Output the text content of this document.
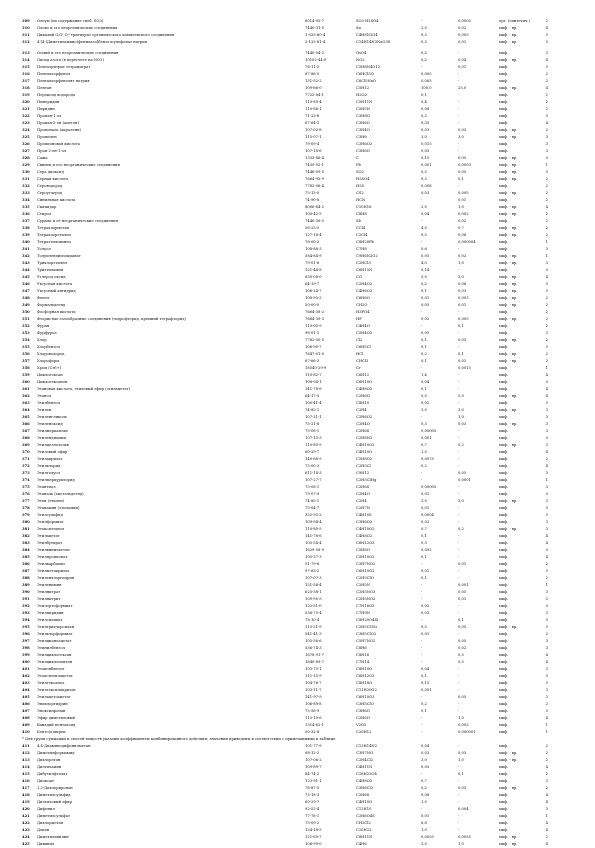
309	Олеум (на содержание своб. SO3)	8014-95-7	SO3·H2SO4	-	0,0005	орг. (синтетич.)	2
310	Олово и его неорганические соединения	7440-31-5	Sn	2,0	0,02	мкф. - вр.	4
311	Дикалий O,O',O''-тригидрат органического комплексного соединения	1-025-60-4	C4H8N2O4	0,3	0,005	мкф. - вр.	3
312	4-[4-(Диметиламино)фенилазо]бензолсульфонат натрия	2-125-81-4	C14H14N3NaO3S	0,5	0,01	мкф. - вр.	3
313	Осмий и его неорганические соединения	7440-04-2	OsO4	0,5	-	мкф.	3
314	Оксид азота (в пересчете на NO2)	10102-44-0	NO2	0,2	0,04	мкф. - вр.	4
315	Пентаэритрит тетранитрат	78-11-5	C5H8N4O12	-	0,01	мкф.	3
316	Пентахлорфенол	87-86-5	C6HCl5O	0,005	-	мкф.	2
317	Пентахлорфенолят натрия	131-52-2	C6Cl5NaO	0,005	-	мкф.	2
318	Пентан	109-66-0	C5H12	100,0	25,0	мкф. - вр.	4
319	Пероксид водорода	7722-84-1	H2O2	0,1	-	мкф.	2
320	Пиперидин	110-89-4	C5H11N	0,4	-	мкф.	2
321	Пиридин	110-86-1	C5H5N	0,08	-	мкф.	2
322	Пропан-1-ол	71-23-8	C3H8O	0,3	-	мкф.	3
323	Пропан-2-он (ацетон)	67-64-1	C3H6O	0,35	-	мкф.	4
324	Пропеналь (акролеин)	107-02-8	C3H4O	0,03	0,03	мкф. - вр.	2
325	Пропилен	115-07-1	C3H6	3,0	3,0	мкф. - вр.	3
326	Пропионовая кислота	79-09-4	C3H6O2	0,015	-	мкф.	3
327	Проп-2-ен-1-ол	107-18-6	C3H6O	0,05	-	мкф.	3
328	Сажа	1333-86-4	C	0,15	0,05	мкф. - вр.	3
329	Свинец и его неорганические соединения	7439-92-1	Pb	0,001	0,0003	мкф. - вр.	1
330	Сера диоксид	7446-09-5	SO2	0,5	0,05	мкф. - вр.	3
331	Серная кислота	7664-93-9	H2SO4	0,3	0,1	мкф. - вр.	2
332	Сероводород	7783-06-4	H2S	0,008	-	мкф.	2
333	Сероуглерод	75-15-0	CS2	0,03	0,005	мкф. - вр.	2
334	Синильная кислота	74-90-8	HCN	-	0,01	мкф.	2
335	Скипидар	8006-64-2	C10H16	2,0	1,0	мкф. - вр.	4
336	Стирол	100-42-5	C8H8	0,04	0,002	мкф. - вр.	2
337	Сурьма и её неорганические соединения	7440-36-0	Sb	-	0,02	мкф.	2
338	Тетрахлорметан	56-23-5	CCl4	4,0	0,7	мкф. - вр.	2
339	Тетрахлорэтилен	127-18-4	C2Cl4	0,5	0,06	мкф. - вр.	2
340	Тетраэтилсвинец	78-00-2	C8H20Pb	-	0,000004	мкф.	1
341	Толуол	108-88-3	C7H8	0,6	-	мкф.	3
342	Толуилендиизоцианат	584-84-9	C9H6N2O2	0,05	0,02	мкф. - вр.	1
343	Трихлорэтилен	79-01-6	C2HCl3	4,0	1,0	мкф. - вр.	3
344	Триэтиламин	121-44-8	C6H15N	0,14	-	мкф.	3
345	Углерод оксид	630-08-0	CO	5,0	3,0	мкф. - вр.	4
346	Уксусная кислота	64-19-7	C2H4O2	0,2	0,06	мкф. - вр.	3
347	Уксусный ангидрид	108-24-7	C4H6O3	0,1	0,03	мкф. - вр.	3
348	Фенол	108-95-2	C6H6O	0,01	0,003	мкф. - вр.	2
349	Формальдегид	50-00-0	CH2O	0,05	0,01	мкф. - вр.	2
350	Фосфорная кислота	7664-38-2	H3PO4	-	-	мкф.	2
351	Фтористые газообразные соединения (гидрофторид, кремний тетрафторид)	7664-39-3	HF	0,02	0,005	мкф. - вр.	2
352	Фуран	110-00-9	C4H4O	-	0,1	мкф.	2
353	Фурфурол	98-01-1	C5H4O2	0,05	-	мкф.	3
354	Хлор	7782-50-5	Cl2	0,1	0,03	мкф. - вр.	2
355	Хлорбензол	108-90-7	C6H5Cl	0,1	-	мкф.	3
356	Хлороводород	7647-01-0	HCl	0,2	0,1	мкф. - вр.	2
357	Хлороформ	67-66-3	CHCl3	0,1	0,03	мкф. - вр.	2
358	Хром (Cr6+)	18540-29-9	Cr	-	0,0015	мкф.	1
359	Циклогексан	110-82-7	C6H12	1,4	-	мкф.	4
360	Циклогексанон	108-94-1	C6H10O	0,04	-	мкф.	3
361	Этановая кислота, этиловый эфир (этилацетат)	141-78-6	C4H8O2	0,1	-	мкф.	4
362	Этанол	64-17-5	C2H6O	5,0	5,0	мкф. - вр.	4
363	Этилбензол	100-41-4	C8H10	0,02	-	мкф.	3
364	Этилен	74-85-1	C2H4	3,0	3,0	мкф. - вр.	3
365	Этиленгликоль	107-21-1	C2H6O2	-	1,0	мкф.	3
366	Этиленоксид	75-21-8	C2H4O	0,3	0,03	мкф. - вр.	3
367	Этилмеркаптан	75-08-1	C2H6S	0,00005	-	мкф.	3
368	Этилендиамин	107-15-3	C2H8N2	0,001	-	мкф.	3
369	Этилцеллозольв	110-80-5	C4H10O2	0,7	0,2	мкф. - вр.	3
370	Этиловый эфир	60-29-7	C4H10O	1,0	-	мкф.	4
371	Этилакрилат	140-88-5	C5H8O2	0,0075	-	мкф.	2
372	Этилхлорид	75-00-3	C2H5Cl	0,2	-	мкф.	4
373	Этилтолуол	611-14-3	C9H12	-	0,05	мкф.	3
374	Этилмеркурхлорид	107-27-7	C2H5ClHg	-	0,0001	мкф.	1
375	Этантиол	75-08-1	C2H6S	0,00005	-	мкф.	3
376	Этаналь (ацетальдегид)	75-07-0	C2H4O	0,01	-	мкф.	3
377	Этен (этилен)	74-85-1	C2H4	3,0	3,0	мкф. - вр.	3
378	Этанамин (этиламин)	75-04-7	C2H7N	0,01	-	мкф.	3
379	Этилсульфид	352-93-2	C4H10S	0,0004	-	мкф.	3
380	Этилформиат	109-94-4	C3H6O2	0,02	-	мкф.	3
381	Этоксиэтанол	110-80-5	C4H10O2	0,7	0,2	мкф. - вр.	3
382	Этилацетат	141-78-6	C4H8O2	0,1	-	мкф.	4
383	Этилбутират	105-54-4	C6H12O2	0,3	-	мкф.	4
384	Этилвинилкетон	1629-58-9	C5H8O	0,002	-	мкф.	3
385	Этилпропионат	105-37-3	C5H10O2	0,1	-	мкф.	4
386	Этилкарбамат	51-79-6	C3H7NO2	-	0,01	мкф.	2
387	Этилметакрилат	97-63-2	C6H10O2	0,01	-	мкф.	3
388	Этиленхлоргидрин	107-07-3	C2H5ClO	0,1	-	мкф.	2
389	Этиленимин	151-56-4	C2H5N	-	0,001	мкф.	1
390	Этилнитрат	625-58-1	C2H5NO3	-	0,05	мкф.	3
391	Этилнитрит	109-95-5	C2H5NO2	-	0,01	мкф.	2
392	Этилортоформиат	122-51-0	C7H16O3	0,02	-	мкф.	3
393	Этилпиридин	536-75-4	C7H9N	0,03	-	мкф.	3
394	Этилсиликат	78-10-4	C8H20O4Si	-	0,1	мкф.	3
395	Этилтрихлорсилан	115-21-9	C2H5Cl3Si	0,5	0,05	мкф. - вр.	3
396	Этилхлорформиат	541-41-3	C3H5ClO2	0,01	-	мкф.	2
397	Этилцианоацетат	105-56-6	C5H7NO2	-	0,05	мкф.	3
398	Этинилбензол	536-74-3	C8H6	-	0,02	мкф.	3
399	Этилциклогексан	1678-91-7	C8H16	-	0,5	мкф.	4
400	Этилциклопентан	1640-89-7	C7H14	-	0,5	мкф.	4
401	Этоксибензол	103-73-1	C8H10O	0,04	-	мкф.	3
402	Этоксиэтилацетат	111-15-9	C6H12O3	0,1	-	мкф.	3
403	Этилгексанол	104-76-7	C8H18O	0,15	-	мкф.	3
404	Этилгексилакрилат	103-11-7	C11H20O2	0,001	-	мкф.	3
405	Этилацетоацетат	141-97-9	C6H10O3	-	0,05	мкф.	3
406	Эпихлоргидрин	106-89-8	C3H5ClO	0,2	-	мкф.	2
407	Эпоксипропан	75-56-9	C3H6O	0,1	-	мкф.	3
408	Эфир диметиловый	115-10-6	C2H6O	-	1,0	мкф.	4
409	Ванадий пентоксид	1314-62-1	V2O5	-	0,002	мкф.	1
410	Бензо(а)пирен	50-32-8	C20H12	-	0,000001	мкф.	1
* Для групп суммации и смесей веществ указаны коэффициенты комбинированного действия; значения приведены в соответствии с примечаниями к таблице.
411	4,4-Диаминодифенилметан	101-77-9	C13H14N2	0,04	-	мкф.	2
412	Диметилформамид	68-12-2	C3H7NO	0,03	0,03	мкф. - вр.	2
413	Дихлорэтан	107-06-2	C2H4Cl2	3,0	1,0	мкф. - вр.	2
414	Диэтиламин	109-89-7	C4H11N	0,05	-	мкф.	4
415	Дибутилфталат	84-74-2	C16H22O4	-	0,1	мкф.	2
416	Диоксан	123-91-1	C4H8O2	0,7	-	мкф.	3
417	1,2-Дихлорпропан	78-87-5	C3H6Cl2	0,2	0,03	мкф. - вр.	2
418	Диметилсульфид	75-18-3	C2H6S	0,08	-	мкф.	4
419	Диэтиловый эфир	60-29-7	C4H10O	1,0	-	мкф.	4
420	Дифенил	92-52-4	C12H10	-	0,004	мкф.	3
421	Диметилсульфат	77-78-1	C2H6O4S	0,01	-	мкф.	1
422	Дихлорметан	75-09-2	CH2Cl2	8,8	-	мкф.	4
423	Декан	124-18-5	C10H22	1,0	-	мкф.	4
424	Диметиланилин	121-69-7	C8H11N	0,0055	0,0055	мкф. - вр.	2
425	Дивинил	106-99-0	C4H6	3,0	1,0	мкф. - вр.	4
